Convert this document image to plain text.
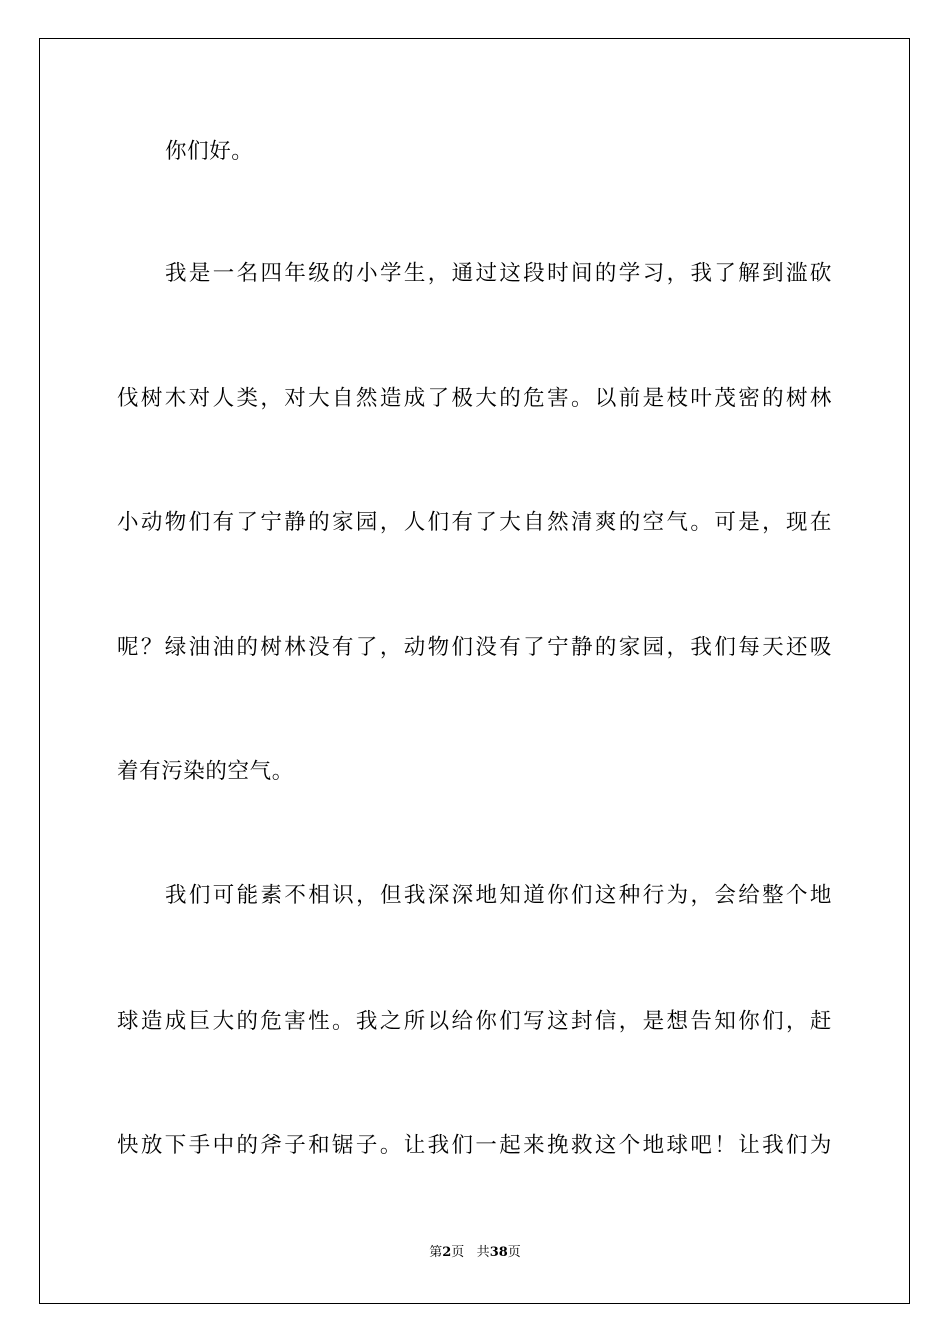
你们好。
我是一名四年级的小学生，通过这段时间的学习，我了解到滥砍
伐树木对人类，对大自然造成了极大的危害。以前是枝叶茂密的树林
小动物们有了宁静的家园，人们有了大自然清爽的空气。可是，现在
呢？绿油油的树林没有了，动物们没有了宁静的家园，我们每天还吸
着有污染的空气。
我们可能素不相识，但我深深地知道你们这种行为，会给整个地
球造成巨大的危害性。我之所以给你们写这封信，是想告知你们，赶
快放下手中的斧子和锯子。让我们一起来挽救这个地球吧！让我们为
第2页 共38页
